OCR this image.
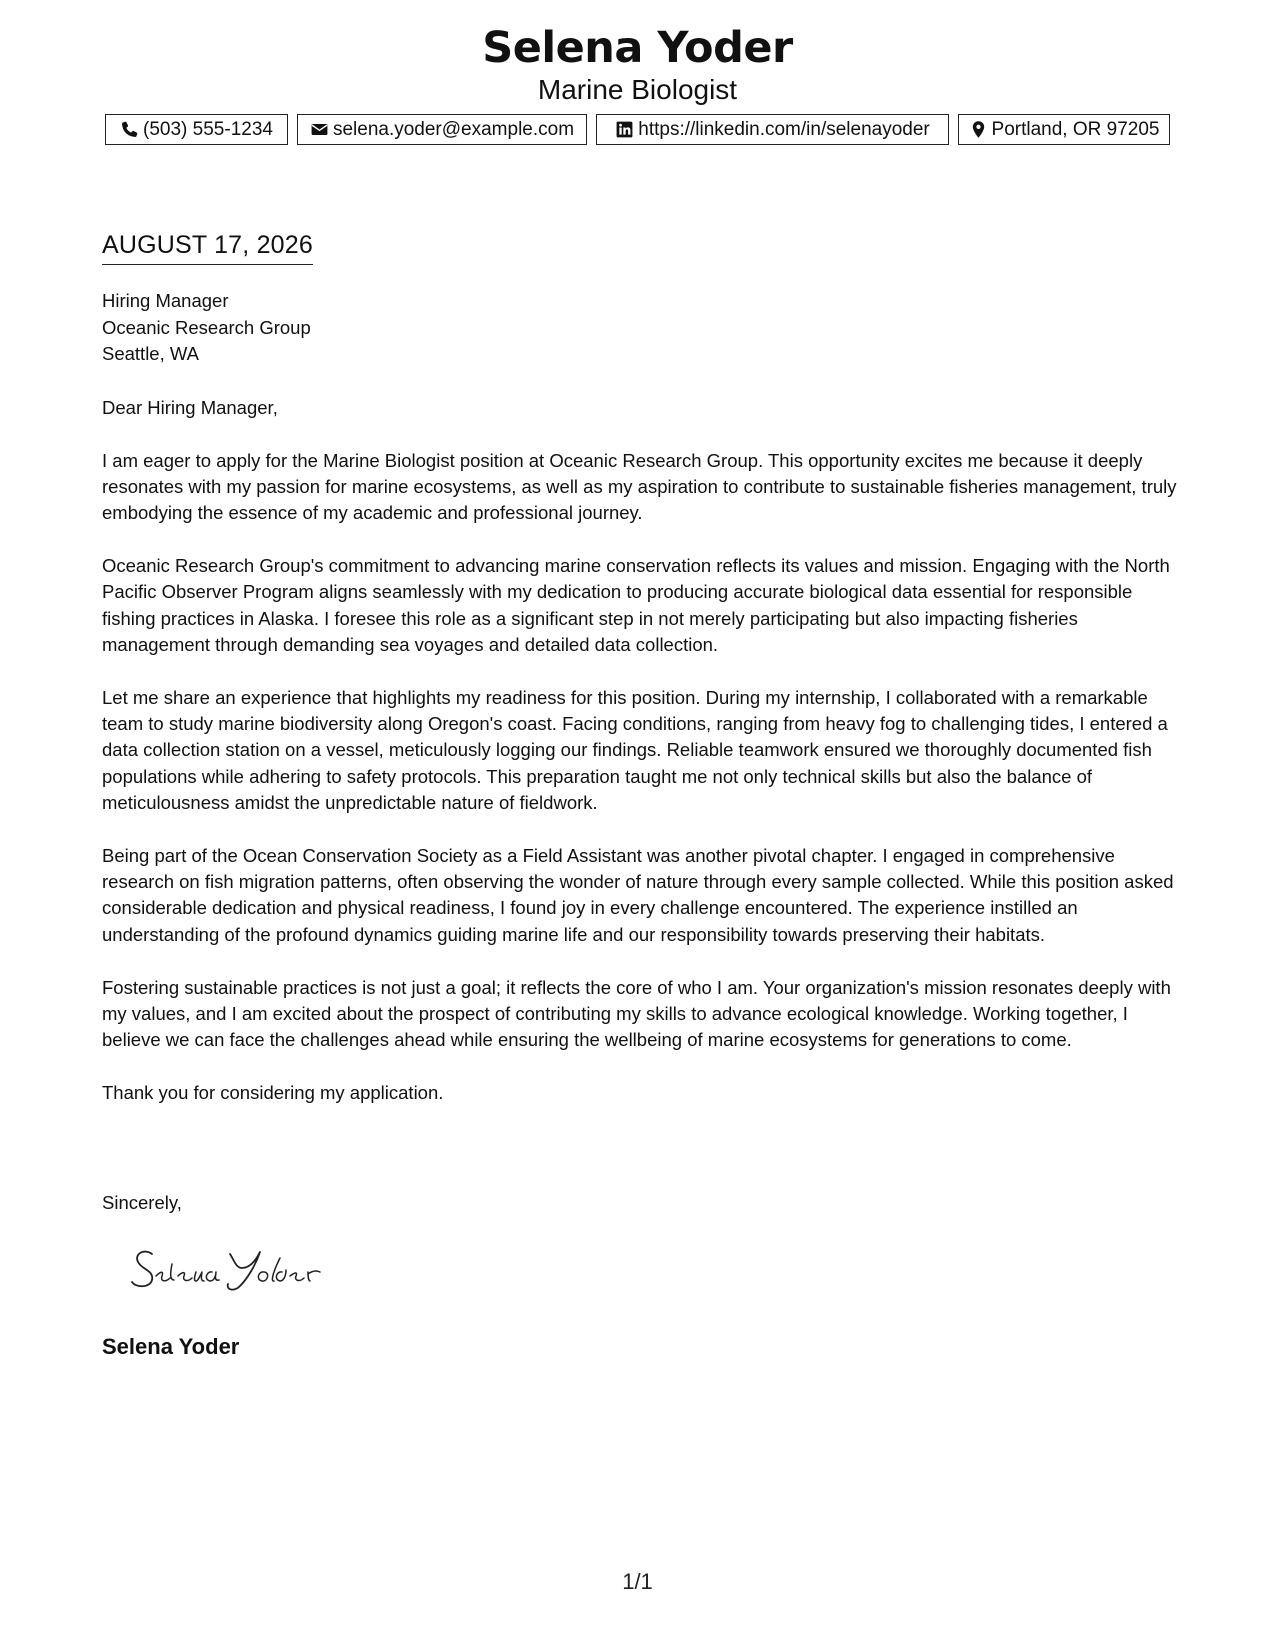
Selena Yoder
Marine Biologist
(503) 555-1234	selena.yoder@example.com	https://linkedin.com/in/selenayoder	Portland, OR 97205
AUGUST 17, 2026
Hiring Manager
Oceanic Research Group
Seattle, WA

Dear Hiring Manager,

I am eager to apply for the Marine Biologist position at Oceanic Research Group. This opportunity excites me because it deeply resonates with my passion for marine ecosystems, as well as my aspiration to contribute to sustainable fisheries management, truly embodying the essence of my academic and professional journey.

Oceanic Research Group's commitment to advancing marine conservation reflects its values and mission. Engaging with the North Pacific Observer Program aligns seamlessly with my dedication to producing accurate biological data essential for responsible fishing practices in Alaska. I foresee this role as a significant step in not merely participating but also impacting fisheries management through demanding sea voyages and detailed data collection.

Let me share an experience that highlights my readiness for this position. During my internship, I collaborated with a remarkable team to study marine biodiversity along Oregon's coast. Facing conditions, ranging from heavy fog to challenging tides, I entered a data collection station on a vessel, meticulously logging our findings. Reliable teamwork ensured we thoroughly documented fish populations while adhering to safety protocols. This preparation taught me not only technical skills but also the balance of meticulousness amidst the unpredictable nature of fieldwork.

Being part of the Ocean Conservation Society as a Field Assistant was another pivotal chapter. I engaged in comprehensive research on fish migration patterns, often observing the wonder of nature through every sample collected. While this position asked considerable dedication and physical readiness, I found joy in every challenge encountered. The experience instilled an understanding of the profound dynamics guiding marine life and our responsibility towards preserving their habitats.

Fostering sustainable practices is not just a goal; it reflects the core of who I am. Your organization's mission resonates deeply with my values, and I am excited about the prospect of contributing my skills to advance ecological knowledge. Working together, I believe we can face the challenges ahead while ensuring the wellbeing of marine ecosystems for generations to come.

Thank you for considering my application.

Sincerely,
Selena Yoder
1/1
